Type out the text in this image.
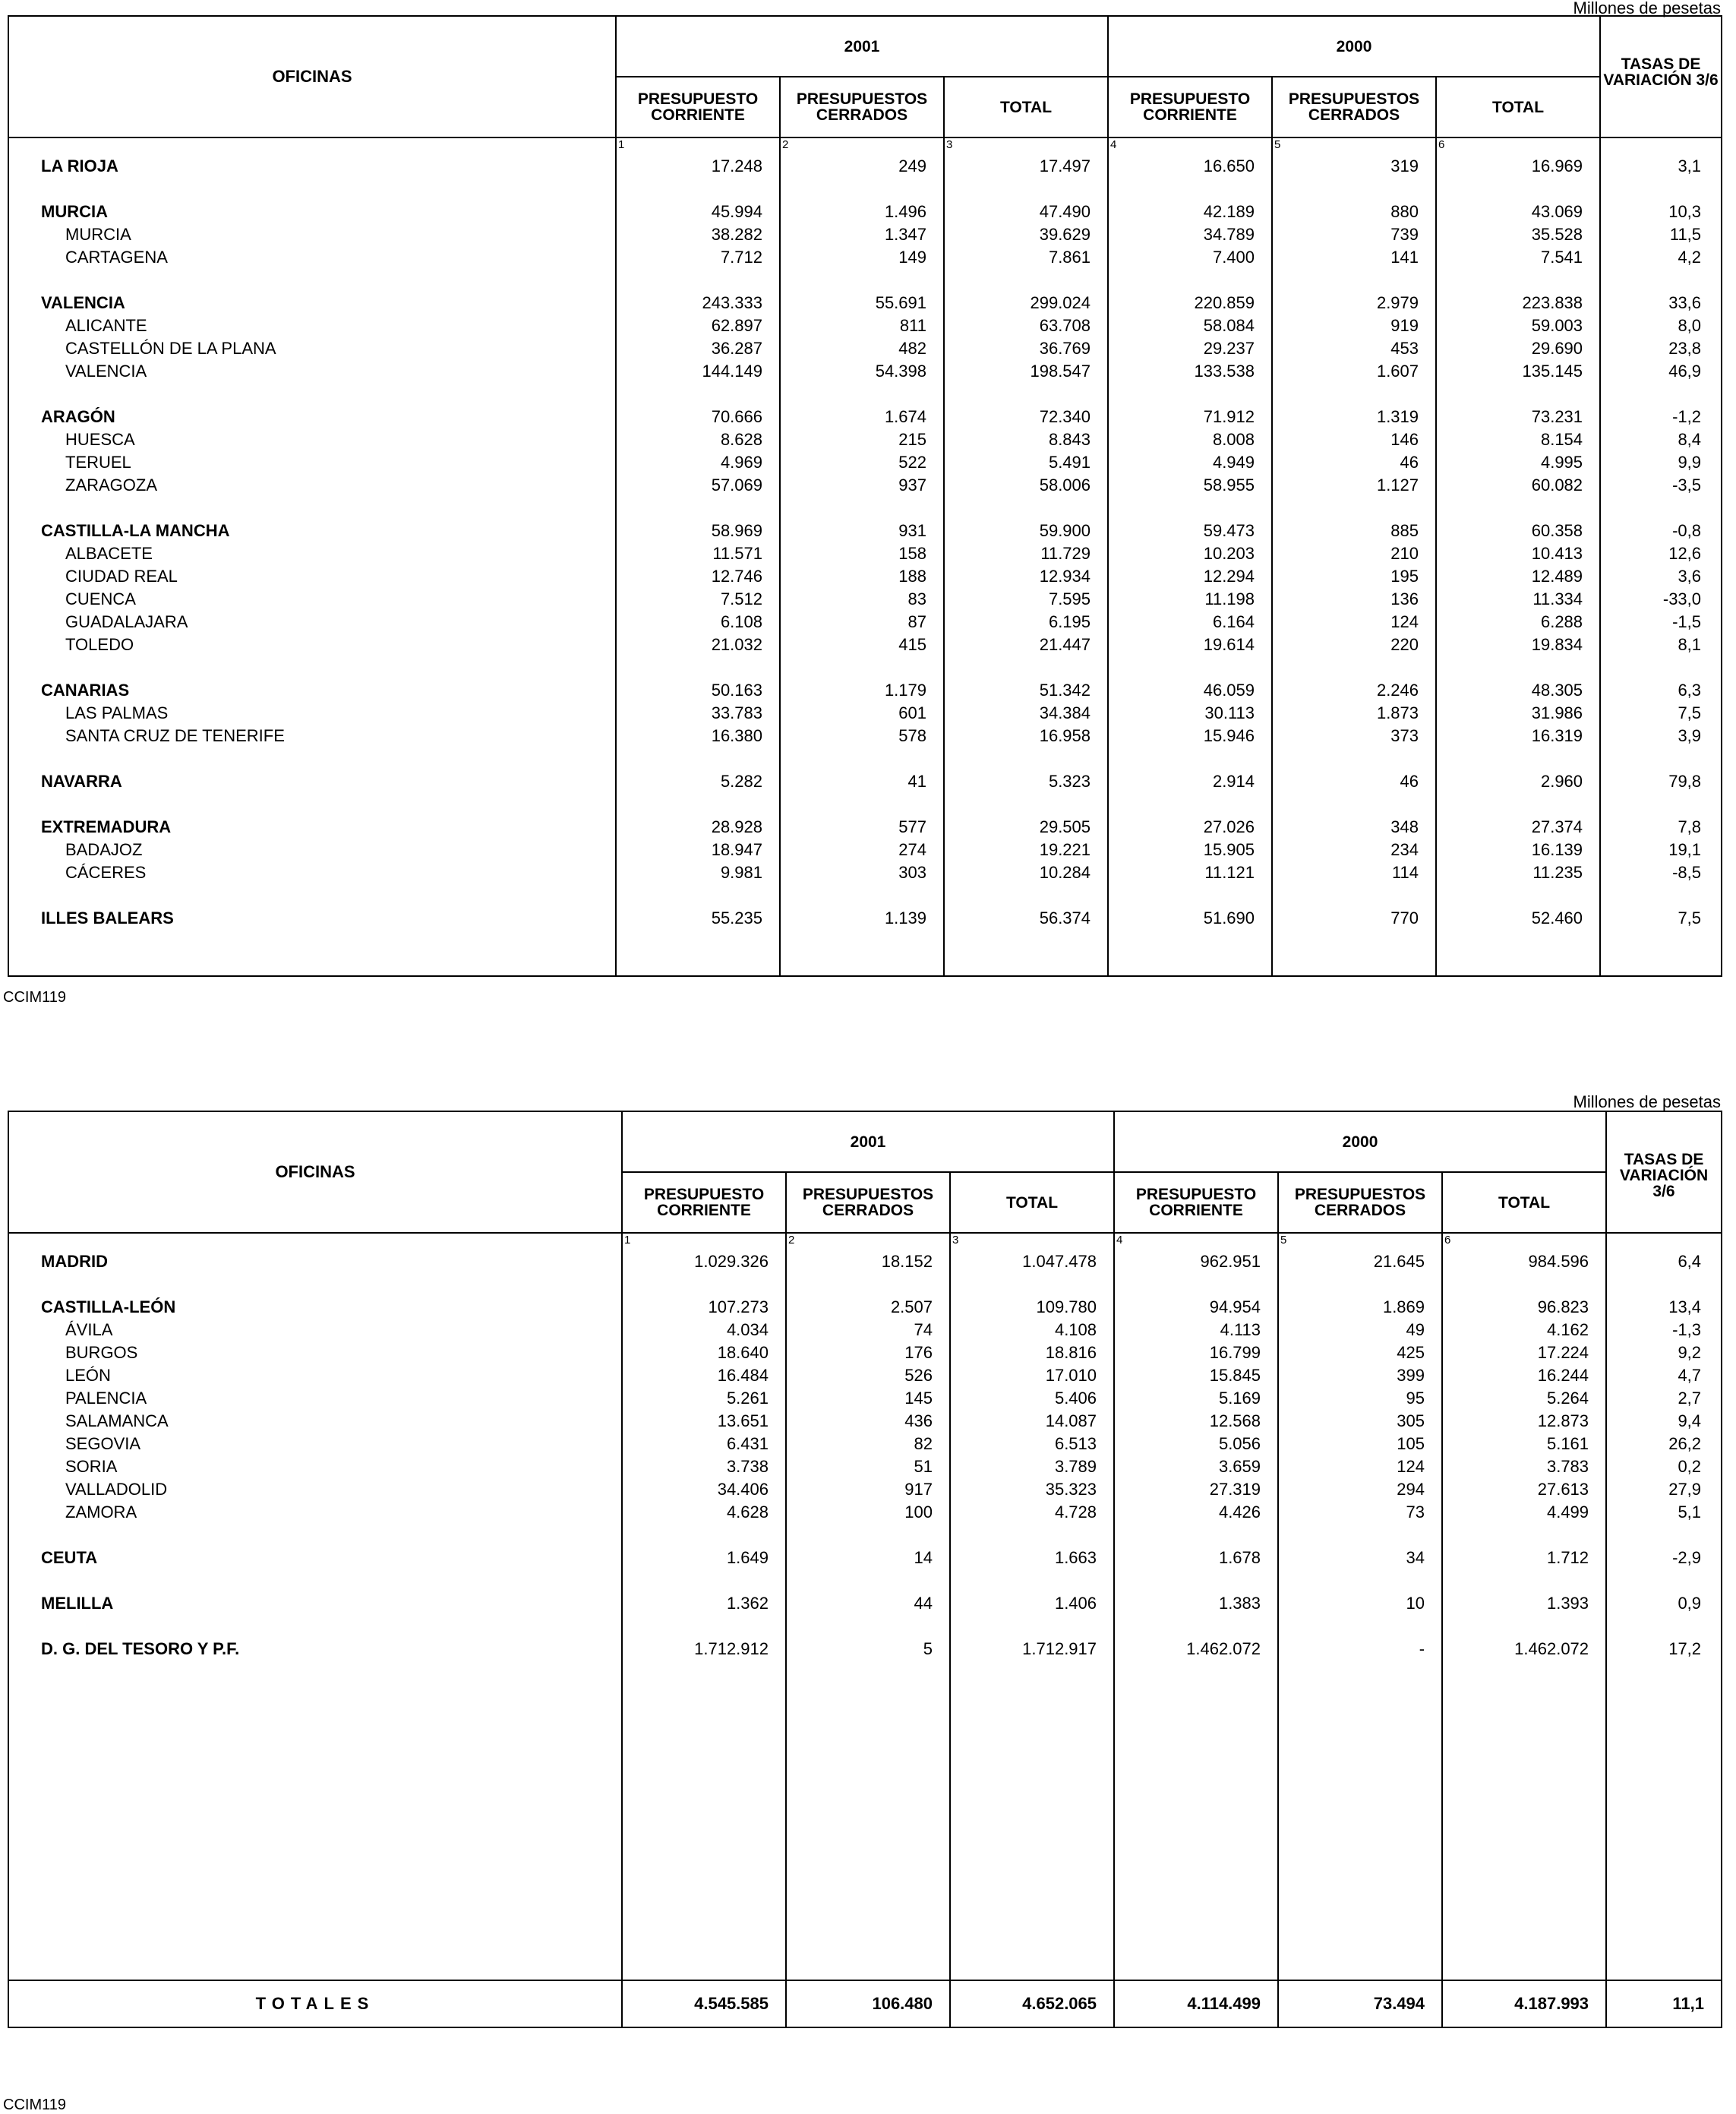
Millones de pesetas
OFICINAS	2001			2000			TASAS DE VARIACIÓN 3/6
	PRESUPUESTO CORRIENTE	PRESUPUESTOS CERRADOS	TOTAL	PRESUPUESTO CORRIENTE	PRESUPUESTOS CERRADOS	TOTAL	
	1	2	3	4	5	6	
LA RIOJA	17.248	249	17.497	16.650	319	16.969	3,1

MURCIA	45.994	1.496	47.490	42.189	880	43.069	10,3
MURCIA	38.282	1.347	39.629	34.789	739	35.528	11,5
CARTAGENA	7.712	149	7.861	7.400	141	7.541	4,2

VALENCIA	243.333	55.691	299.024	220.859	2.979	223.838	33,6
ALICANTE	62.897	811	63.708	58.084	919	59.003	8,0
CASTELLÓN DE LA PLANA	36.287	482	36.769	29.237	453	29.690	23,8
VALENCIA	144.149	54.398	198.547	133.538	1.607	135.145	46,9

ARAGÓN	70.666	1.674	72.340	71.912	1.319	73.231	-1,2
HUESCA	8.628	215	8.843	8.008	146	8.154	8,4
TERUEL	4.969	522	5.491	4.949	46	4.995	9,9
ZARAGOZA	57.069	937	58.006	58.955	1.127	60.082	-3,5

CASTILLA-LA MANCHA	58.969	931	59.900	59.473	885	60.358	-0,8
ALBACETE	11.571	158	11.729	10.203	210	10.413	12,6
CIUDAD REAL	12.746	188	12.934	12.294	195	12.489	3,6
CUENCA	7.512	83	7.595	11.198	136	11.334	-33,0
GUADALAJARA	6.108	87	6.195	6.164	124	6.288	-1,5
TOLEDO	21.032	415	21.447	19.614	220	19.834	8,1

CANARIAS	50.163	1.179	51.342	46.059	2.246	48.305	6,3
LAS PALMAS	33.783	601	34.384	30.113	1.873	31.986	7,5
SANTA CRUZ DE TENERIFE	16.380	578	16.958	15.946	373	16.319	3,9

NAVARRA	5.282	41	5.323	2.914	46	2.960	79,8

EXTREMADURA	28.928	577	29.505	27.026	348	27.374	7,8
BADAJOZ	18.947	274	19.221	15.905	234	16.139	19,1
CÁCERES	9.981	303	10.284	11.121	114	11.235	-8,5

ILLES BALEARS	55.235	1.139	56.374	51.690	770	52.460	7,5

CCIM119
Millones de pesetas
OFICINAS	2001			2000			TASAS DE VARIACIÓN 3/6
	PRESUPUESTO CORRIENTE	PRESUPUESTOS CERRADOS	TOTAL	PRESUPUESTO CORRIENTE	PRESUPUESTOS CERRADOS	TOTAL	
	1	2	3	4	5	6	
MADRID	1.029.326	18.152	1.047.478	962.951	21.645	984.596	6,4

CASTILLA-LEÓN	107.273	2.507	109.780	94.954	1.869	96.823	13,4
ÁVILA	4.034	74	4.108	4.113	49	4.162	-1,3
BURGOS	18.640	176	18.816	16.799	425	17.224	9,2
LEÓN	16.484	526	17.010	15.845	399	16.244	4,7
PALENCIA	5.261	145	5.406	5.169	95	5.264	2,7
SALAMANCA	13.651	436	14.087	12.568	305	12.873	9,4
SEGOVIA	6.431	82	6.513	5.056	105	5.161	26,2
SORIA	3.738	51	3.789	3.659	124	3.783	0,2
VALLADOLID	34.406	917	35.323	27.319	294	27.613	27,9
ZAMORA	4.628	100	4.728	4.426	73	4.499	5,1

CEUTA	1.649	14	1.663	1.678	34	1.712	-2,9

MELILLA	1.362	44	1.406	1.383	10	1.393	0,9

D. G. DEL TESORO Y P.F.	1.712.912	5	1.712.917	1.462.072	-	1.462.072	17,2

TOTALES	4.545.585	106.480	4.652.065	4.114.499	73.494	4.187.993	11,1
CCIM119
